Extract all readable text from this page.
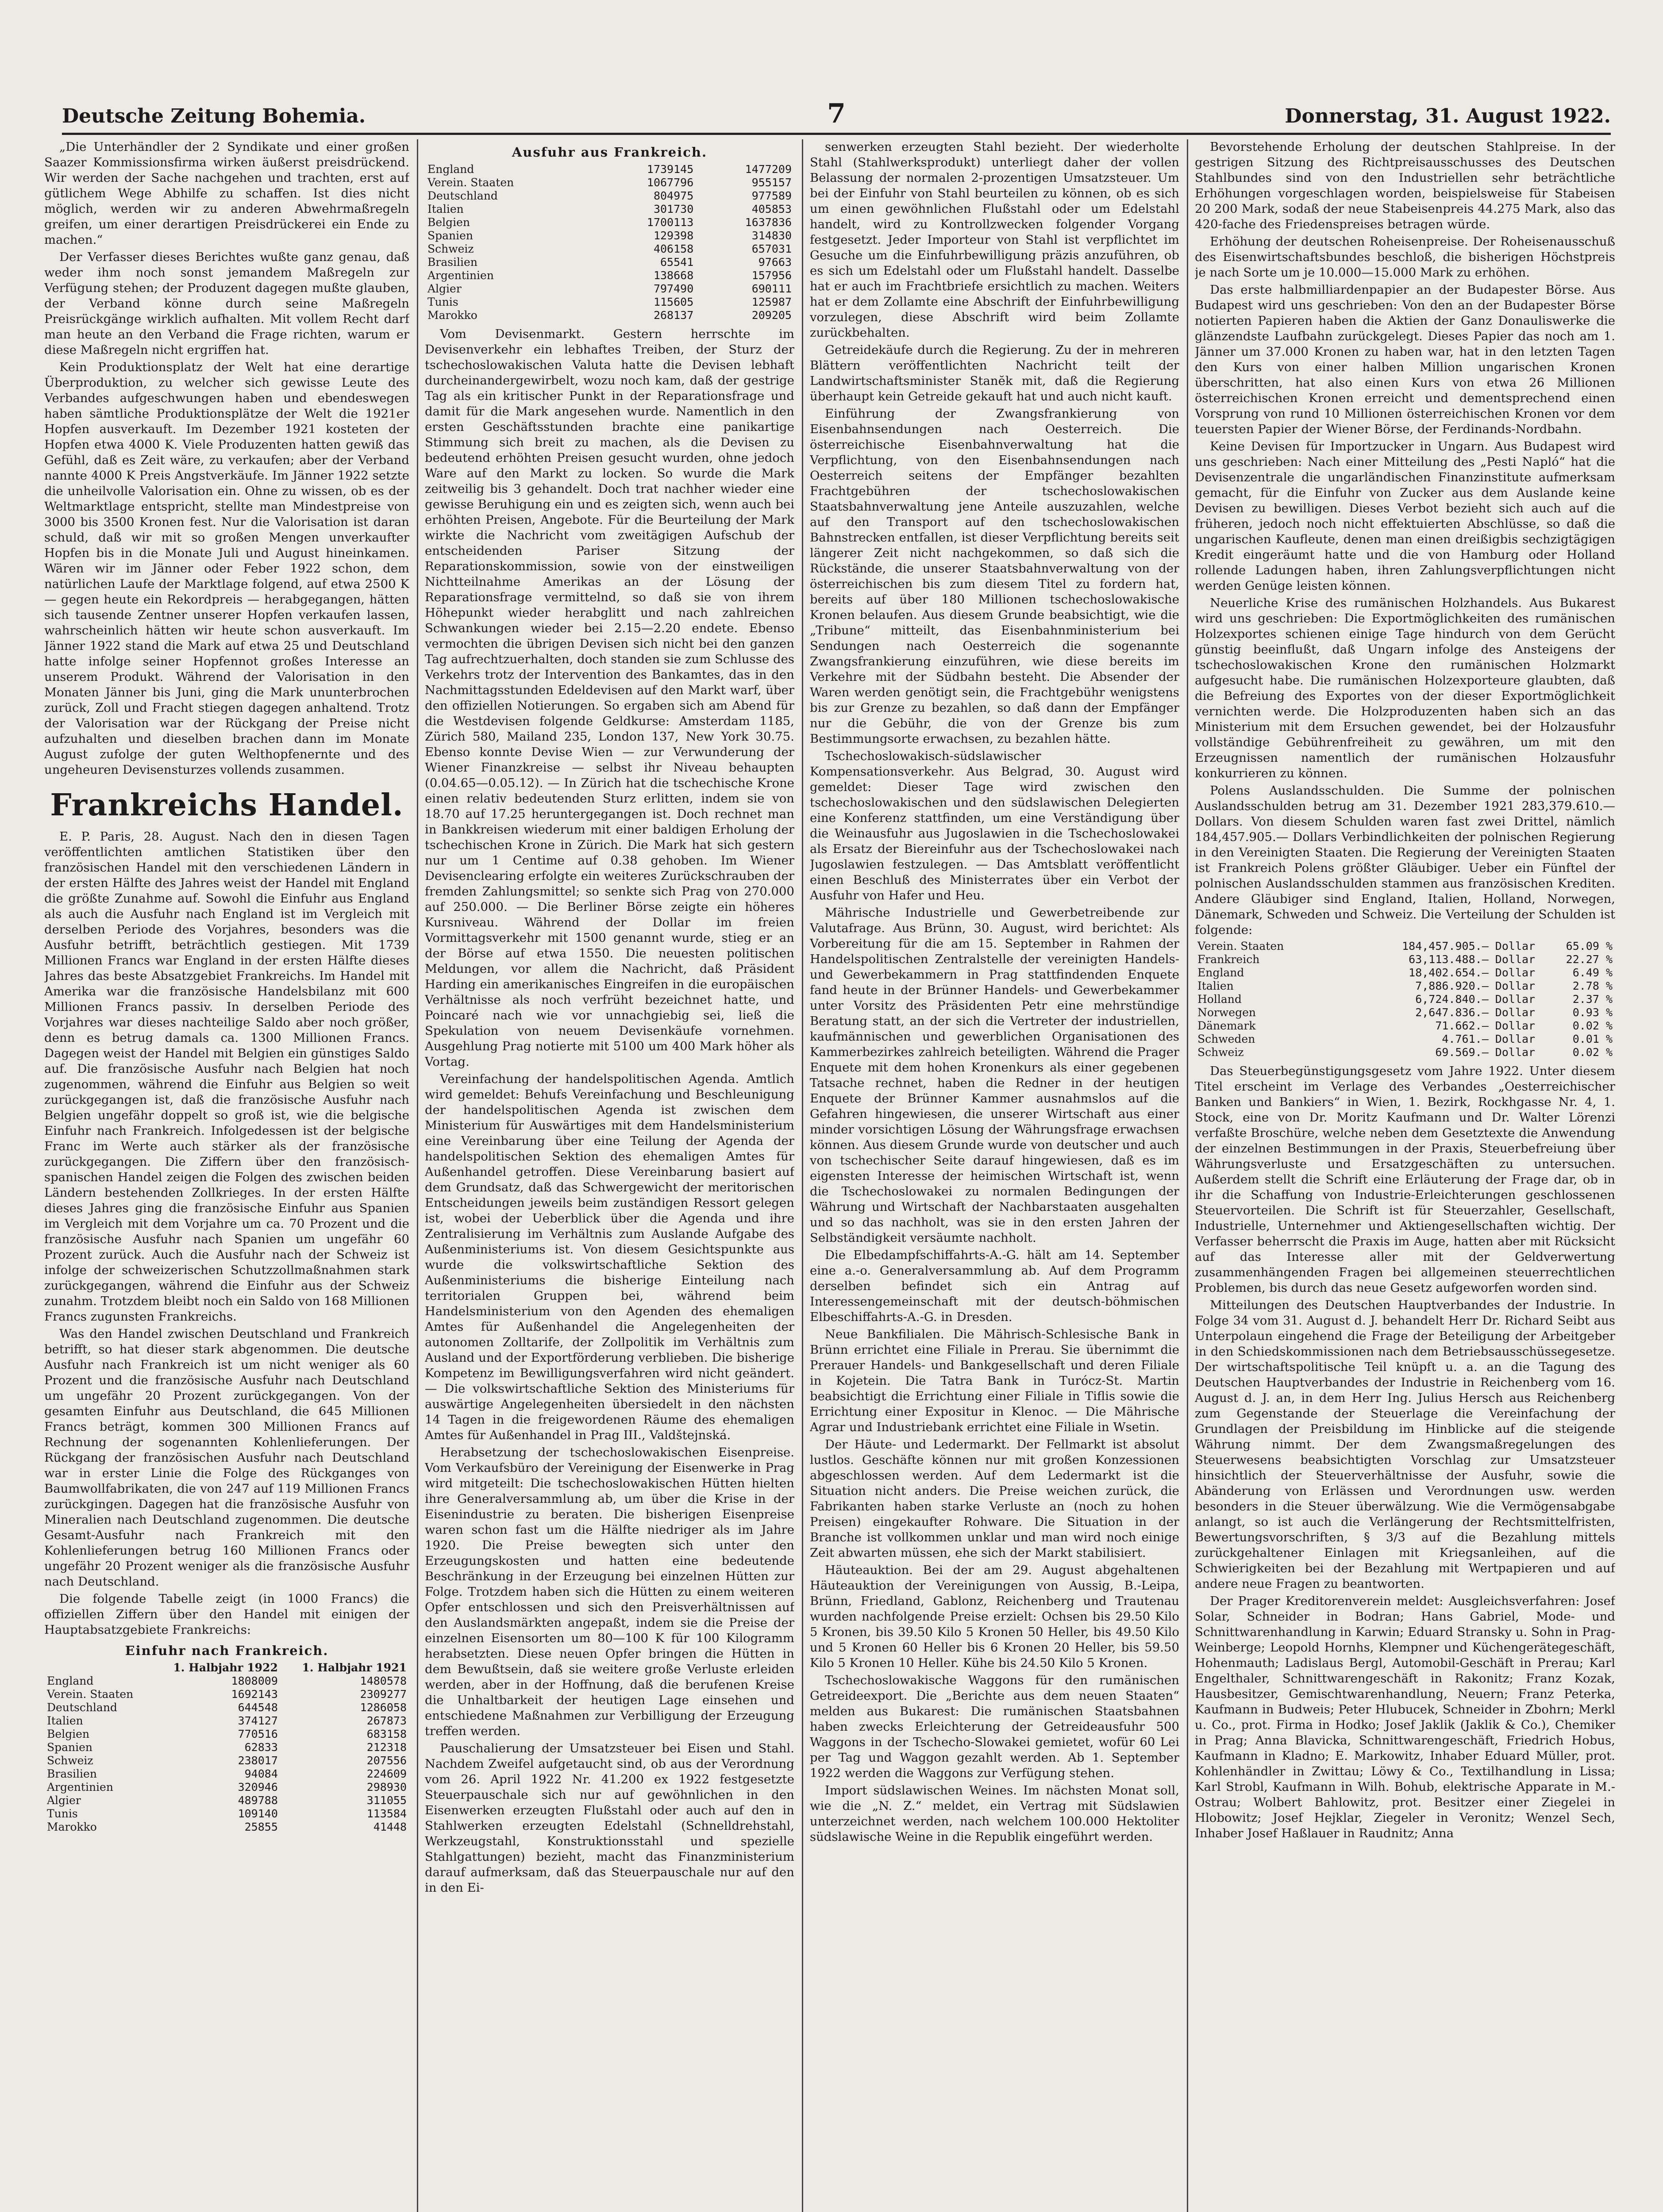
Deutsche Zeitung Bohemia.	7	Donnerstag, 31. August 1922.

„Die Unterhändler der 2 Syndikate und einer großen Saazer Kommissionsfirma wirken äußerst preisdrückend. Wir werden der Sache nachgehen und trachten, erst auf gütlichem Wege Abhilfe zu schaffen. Ist dies nicht möglich, werden wir zu anderen Abwehrmaßregeln greifen, um einer derartigen Preisdrückerei ein Ende zu machen.“

Der Verfasser dieses Berichtes wußte ganz genau, daß weder ihm noch sonst jemandem Maßregeln zur Verfügung stehen; der Produzent dagegen mußte glauben, der Verband könne durch seine Maßregeln Preisrückgänge wirklich aufhalten. Mit vollem Recht darf man heute an den Verband die Frage richten, warum er diese Maßregeln nicht ergriffen hat.

Kein Produktionsplatz der Welt hat eine derartige Überproduktion, zu welcher sich gewisse Leute des Verbandes aufgeschwungen haben und ebendeswegen haben sämtliche Produktionsplätze der Welt die 1921er Hopfen ausverkauft. Im Dezember 1921 kosteten der Hopfen etwa 4000 K. Viele Produzenten hatten gewiß das Gefühl, daß es Zeit wäre, zu verkaufen; aber der Verband nannte 4000 K Preis Angstverkäufe. Im Jänner 1922 setzte die unheilvolle Valorisation ein. Ohne zu wissen, ob es der Weltmarktlage entspricht, stellte man Mindestpreise von 3000 bis 3500 Kronen fest. Nur die Valorisation ist daran schuld, daß wir mit so großen Mengen unverkaufter Hopfen bis in die Monate Juli und August hineinkamen. Wären wir im Jänner oder Feber 1922 schon, dem natürlichen Laufe der Marktlage folgend, auf etwa 2500 K — gegen heute ein Rekordpreis — herabgegangen, hätten sich tausende Zentner unserer Hopfen verkaufen lassen, wahrscheinlich hätten wir heute schon ausverkauft. Im Jänner 1922 stand die Mark auf etwa 25 und Deutschland hatte infolge seiner Hopfennot großes Interesse an unserem Produkt. Während der Valorisation in den Monaten Jänner bis Juni, ging die Mark ununterbrochen zurück, Zoll und Fracht stiegen dagegen anhaltend. Trotz der Valorisation war der Rückgang der Preise nicht aufzuhalten und dieselben brachen dann im Monate August zufolge der guten Welthopfenernte und des ungeheuren Devisensturzes vollends zusammen.

Frankreichs Handel.

E. P. Paris, 28. August. Nach den in diesen Tagen veröffentlichten amtlichen Statistiken über den französischen Handel mit den verschiedenen Ländern in der ersten Hälfte des Jahres weist der Handel mit England die größte Zunahme auf. Sowohl die Einfuhr aus England als auch die Ausfuhr nach England ist im Vergleich mit derselben Periode des Vorjahres, besonders was die Ausfuhr betrifft, beträchtlich gestiegen. Mit 1739 Millionen Francs war England in der ersten Hälfte dieses Jahres das beste Absatzgebiet Frankreichs. Im Handel mit Amerika war die französische Handelsbilanz mit 600 Millionen Francs passiv. In derselben Periode des Vorjahres war dieses nachteilige Saldo aber noch größer, denn es betrug damals ca. 1300 Millionen Francs. Dagegen weist der Handel mit Belgien ein günstiges Saldo auf. Die französische Ausfuhr nach Belgien hat noch zugenommen, während die Einfuhr aus Belgien so weit zurückgegangen ist, daß die französische Ausfuhr nach Belgien ungefähr doppelt so groß ist, wie die belgische Einfuhr nach Frankreich. Infolgedessen ist der belgische Franc im Werte auch stärker als der französische zurückgegangen. Die Ziffern über den französisch-spanischen Handel zeigen die Folgen des zwischen beiden Ländern bestehenden Zollkrieges. In der ersten Hälfte dieses Jahres ging die französische Einfuhr aus Spanien im Vergleich mit dem Vorjahre um ca. 70 Prozent und die französische Ausfuhr nach Spanien um ungefähr 60 Prozent zurück. Auch die Ausfuhr nach der Schweiz ist infolge der schweizerischen Schutzzollmaßnahmen stark zurückgegangen, während die Einfuhr aus der Schweiz zunahm. Trotzdem bleibt noch ein Saldo von 168 Millionen Francs zugunsten Frankreichs.

Was den Handel zwischen Deutschland und Frankreich betrifft, so hat dieser stark abgenommen. Die deutsche Ausfuhr nach Frankreich ist um nicht weniger als 60 Prozent und die französische Ausfuhr nach Deutschland um ungefähr 20 Prozent zurückgegangen. Von der gesamten Einfuhr aus Deutschland, die 645 Millionen Francs beträgt, kommen 300 Millionen Francs auf Rechnung der sogenannten Kohlenlieferungen. Der Rückgang der französischen Ausfuhr nach Deutschland war in erster Linie die Folge des Rückganges von Baumwollfabrikaten, die von 247 auf 119 Millionen Francs zurückgingen. Dagegen hat die französische Ausfuhr von Mineralien nach Deutschland zugenommen. Die deutsche Gesamt-Ausfuhr nach Frankreich mit den Kohlenlieferungen betrug 160 Millionen Francs oder ungefähr 20 Prozent weniger als die französische Ausfuhr nach Deutschland.

Die folgende Tabelle zeigt (in 1000 Francs) die offiziellen Ziffern über den Handel mit einigen der Hauptabsatzgebiete Frankreichs:

Einfuhr nach Frankreich.
	1. Halbjahr 1922	1. Halbjahr 1921
England	1808009	1480578
Verein. Staaten	1692143	2309277
Deutschland	644548	1286058
Italien	374127	267873
Belgien	770516	683158
Spanien	62833	212318
Schweiz	238017	207556
Brasilien	94084	224609
Argentinien	320946	298930
Algier	489788	311055
Tunis	109140	113584
Marokko	25855	41448
Ausfuhr aus Frankreich.
England	1739145	1477209
Verein. Staaten	1067796	955157
Deutschland	804975	977589
Italien	301730	405853
Belgien	1700113	1637836
Spanien	129398	314830
Schweiz	406158	657031
Brasilien	65541	97663
Argentinien	138668	157956
Algier	797490	690111
Tunis	115605	125987
Marokko	268137	209205

Vom Devisenmarkt. Gestern herrschte im Devisenverkehr ein lebhaftes Treiben, der Sturz der tschechoslowakischen Valuta hatte die Devisen lebhaft durcheinandergewirbelt, wozu noch kam, daß der gestrige Tag als ein kritischer Punkt in der Reparationsfrage und damit für die Mark angesehen wurde. Namentlich in den ersten Geschäftsstunden brachte eine panikartige Stimmung sich breit zu machen, als die Devisen zu bedeutend erhöhten Preisen gesucht wurden, ohne jedoch Ware auf den Markt zu locken. So wurde die Mark zeitweilig bis 3 gehandelt. Doch trat nachher wieder eine gewisse Beruhigung ein und es zeigten sich, wenn auch bei erhöhten Preisen, Angebote. Für die Beurteilung der Mark wirkte die Nachricht vom zweitägigen Aufschub der entscheidenden Pariser Sitzung der Reparationskommission, sowie von der einstweiligen Nichtteilnahme Amerikas an der Lösung der Reparationsfrage vermittelnd, so daß sie von ihrem Höhepunkt wieder herabglitt und nach zahlreichen Schwankungen wieder bei 2.15—2.20 endete. Ebenso vermochten die übrigen Devisen sich nicht bei den ganzen Tag aufrechtzuerhalten, doch standen sie zum Schlusse des Verkehrs trotz der Intervention des Bankamtes, das in den Nachmittagsstunden Edeldevisen auf den Markt warf, über den offiziellen Notierungen. So ergaben sich am Abend für die Westdevisen folgende Geldkurse: Amsterdam 1185, Zürich 580, Mailand 235, London 137, New York 30.75. Ebenso konnte Devise Wien — zur Verwunderung der Wiener Finanzkreise — selbst ihr Niveau behaupten (0.04.65—0.05.12). — In Zürich hat die tschechische Krone einen relativ bedeutenden Sturz erlitten, indem sie von 18.70 auf 17.25 heruntergegangen ist. Doch rechnet man in Bankkreisen wiederum mit einer baldigen Erholung der tschechischen Krone in Zürich. Die Mark hat sich gestern nur um 1 Centime auf 0.38 gehoben. Im Wiener Devisenclearing erfolgte ein weiteres Zurückschrauben der fremden Zahlungsmittel; so senkte sich Prag von 270.000 auf 250.000. — Die Berliner Börse zeigte ein höheres Kursniveau. Während der Dollar im freien Vormittagsverkehr mit 1500 genannt wurde, stieg er an der Börse auf etwa 1550. Die neuesten politischen Meldungen, vor allem die Nachricht, daß Präsident Harding ein amerikanisches Eingreifen in die europäischen Verhältnisse als noch verfrüht bezeichnet hatte, und Poincaré nach wie vor unnachgiebig sei, ließ die Spekulation von neuem Devisenkäufe vornehmen. Ausgehlung Prag notierte mit 5100 um 400 Mark höher als Vortag.

Vereinfachung der handelspolitischen Agenda. Amtlich wird gemeldet: Behufs Vereinfachung und Beschleunigung der handelspolitischen Agenda ist zwischen dem Ministerium für Auswärtiges mit dem Handelsministerium eine Vereinbarung über eine Teilung der Agenda der handelspolitischen Sektion des ehemaligen Amtes für Außenhandel getroffen. Diese Vereinbarung basiert auf dem Grundsatz, daß das Schwergewicht der meritorischen Entscheidungen jeweils beim zuständigen Ressort gelegen ist, wobei der Ueberblick über die Agenda und ihre Zentralisierung im Verhältnis zum Auslande Aufgabe des Außenministeriums ist. Von diesem Gesichtspunkte aus wurde die volkswirtschaftliche Sektion des Außenministeriums die bisherige Einteilung nach territorialen Gruppen bei, während beim Handelsministerium von den Agenden des ehemaligen Amtes für Außenhandel die Angelegenheiten der autonomen Zolltarife, der Zollpolitik im Verhältnis zum Ausland und der Exportförderung verblieben. Die bisherige Kompetenz im Bewilligungsverfahren wird nicht geändert. — Die volkswirtschaftliche Sektion des Ministeriums für auswärtige Angelegenheiten übersiedelt in den nächsten 14 Tagen in die freigewordenen Räume des ehemaligen Amtes für Außenhandel in Prag III., Valdštejnská.

Herabsetzung der tschechoslowakischen Eisenpreise. Vom Verkaufsbüro der Vereinigung der Eisenwerke in Prag wird mitgeteilt: Die tschechoslowakischen Hütten hielten ihre Generalversammlung ab, um über die Krise in der Eisenindustrie zu beraten. Die bisherigen Eisenpreise waren schon fast um die Hälfte niedriger als im Jahre 1920. Die Preise bewegten sich unter den Erzeugungskosten und hatten eine bedeutende Beschränkung in der Erzeugung bei einzelnen Hütten zur Folge. Trotzdem haben sich die Hütten zu einem weiteren Opfer entschlossen und sich den Preisverhältnissen auf den Auslandsmärkten angepaßt, indem sie die Preise der einzelnen Eisensorten um 80—100 K für 100 Kilogramm herabsetzten. Diese neuen Opfer bringen die Hütten in dem Bewußtsein, daß sie weitere große Verluste erleiden werden, aber in der Hoffnung, daß die berufenen Kreise die Unhaltbarkeit der heutigen Lage einsehen und entschiedene Maßnahmen zur Verbilligung der Erzeugung treffen werden.

Pauschalierung der Umsatzsteuer bei Eisen und Stahl. Nachdem Zweifel aufgetaucht sind, ob aus der Verordnung vom 26. April 1922 Nr. 41.200 ex 1922 festgesetzte Steuerpauschale sich nur auf gewöhnlichen in den Eisenwerken erzeugten Flußstahl oder auch auf den in Stahlwerken erzeugten Edelstahl (Schnelldrehstahl, Werkzeugstahl, Konstruktionsstahl und spezielle Stahlgattungen) bezieht, macht das Finanzministerium darauf aufmerksam, daß das Steuerpauschale nur auf den in den Ei-

senwerken erzeugten Stahl bezieht. Der wiederholte Stahl (Stahlwerksprodukt) unterliegt daher der vollen Belassung der normalen 2-prozentigen Umsatzsteuer. Um bei der Einfuhr von Stahl beurteilen zu können, ob es sich um einen gewöhnlichen Flußstahl oder um Edelstahl handelt, wird zu Kontrollzwecken folgender Vorgang festgesetzt. Jeder Importeur von Stahl ist verpflichtet im Gesuche um die Einfuhrbewilligung präzis anzuführen, ob es sich um Edelstahl oder um Flußstahl handelt. Dasselbe hat er auch im Frachtbriefe ersichtlich zu machen. Weiters hat er dem Zollamte eine Abschrift der Einfuhrbewilligung vorzulegen, diese Abschrift wird beim Zollamte zurückbehalten.

Getreidekäufe durch die Regierung. Zu der in mehreren Blättern veröffentlichten Nachricht teilt der Landwirtschaftsminister Stanĕk mit, daß die Regierung überhaupt kein Getreide gekauft hat und auch nicht kauft.

Einführung der Zwangsfrankierung von Eisenbahnsendungen nach Oesterreich. Die österreichische Eisenbahnverwaltung hat die Verpflichtung, von den Eisenbahnsendungen nach Oesterreich seitens der Empfänger bezahlten Frachtgebühren der tschechoslowakischen Staatsbahnverwaltung jene Anteile auszuzahlen, welche auf den Transport auf den tschechoslowakischen Bahnstrecken entfallen, ist dieser Verpflichtung bereits seit längerer Zeit nicht nachgekommen, so daß sich die Rückstände, die unserer Staatsbahnverwaltung von der österreichischen bis zum diesem Titel zu fordern hat, bereits auf über 180 Millionen tschechoslowakische Kronen belaufen. Aus diesem Grunde beabsichtigt, wie die „Tribune“ mitteilt, das Eisenbahnministerium bei Sendungen nach Oesterreich die sogenannte Zwangsfrankierung einzuführen, wie diese bereits im Verkehre mit der Südbahn besteht. Die Absender der Waren werden genötigt sein, die Frachtgebühr wenigstens bis zur Grenze zu bezahlen, so daß dann der Empfänger nur die Gebühr, die von der Grenze bis zum Bestimmungsorte erwachsen, zu bezahlen hätte.

Tschechoslowakisch-südslawischer Kompensationsverkehr. Aus Belgrad, 30. August wird gemeldet: Dieser Tage wird zwischen den tschechoslowakischen und den südslawischen Delegierten eine Konferenz stattfinden, um eine Verständigung über die Weinausfuhr aus Jugoslawien in die Tschechoslowakei als Ersatz der Biereinfuhr aus der Tschechoslowakei nach Jugoslawien festzulegen. — Das Amtsblatt veröffentlicht einen Beschluß des Ministerrates über ein Verbot der Ausfuhr von Hafer und Heu.

Mährische Industrielle und Gewerbetreibende zur Valutafrage. Aus Brünn, 30. August, wird berichtet: Als Vorbereitung für die am 15. September in Rahmen der Handelspolitischen Zentralstelle der vereinigten Handels- und Gewerbekammern in Prag stattfindenden Enquete fand heute in der Brünner Handels- und Gewerbekammer unter Vorsitz des Präsidenten Petr eine mehrstündige Beratung statt, an der sich die Vertreter der industriellen, kaufmännischen und gewerblichen Organisationen des Kammerbezirkes zahlreich beteiligten. Während die Prager Enquete mit dem hohen Kronenkurs als einer gegebenen Tatsache rechnet, haben die Redner in der heutigen Enquete der Brünner Kammer ausnahmslos auf die Gefahren hingewiesen, die unserer Wirtschaft aus einer minder vorsichtigen Lösung der Währungsfrage erwachsen können. Aus diesem Grunde wurde von deutscher und auch von tschechischer Seite darauf hingewiesen, daß es im eigensten Interesse der heimischen Wirtschaft ist, wenn die Tschechoslowakei zu normalen Bedingungen der Währung und Wirtschaft der Nachbarstaaten ausgehalten und so das nachholt, was sie in den ersten Jahren der Selbständigkeit versäumte nachholt.

Die Elbedampfschiffahrts-A.-G. hält am 14. September eine a.-o. Generalversammlung ab. Auf dem Programm derselben befindet sich ein Antrag auf Interessengemeinschaft mit der deutsch-böhmischen Elbeschiffahrts-A.-G. in Dresden.

Neue Bankfilialen. Die Mährisch-Schlesische Bank in Brünn errichtet eine Filiale in Prerau. Sie übernimmt die Prerauer Handels- und Bankgesellschaft und deren Filiale in Kojetein. Die Tatra Bank in Turócz-St. Martin beabsichtigt die Errichtung einer Filiale in Tiflis sowie die Errichtung einer Expositur in Klenoc. — Die Mährische Agrar und Industriebank errichtet eine Filiale in Wsetin.

Der Häute- und Ledermarkt. Der Fellmarkt ist absolut lustlos. Geschäfte können nur mit großen Konzessionen abgeschlossen werden. Auf dem Ledermarkt ist die Situation nicht anders. Die Preise weichen zurück, die Fabrikanten haben starke Verluste an (noch zu hohen Preisen) eingekaufter Rohware. Die Situation in der Branche ist vollkommen unklar und man wird noch einige Zeit abwarten müssen, ehe sich der Markt stabilisiert.

Häuteauktion. Bei der am 29. August abgehaltenen Häuteauktion der Vereinigungen von Aussig, B.-Leipa, Brünn, Friedland, Gablonz, Reichenberg und Trautenau wurden nachfolgende Preise erzielt: Ochsen bis 29.50 Kilo 5 Kronen, bis 39.50 Kilo 5 Kronen 50 Heller, bis 49.50 Kilo und 5 Kronen 60 Heller bis 6 Kronen 20 Heller, bis 59.50 Kilo 5 Kronen 10 Heller. Kühe bis 24.50 Kilo 5 Kronen.

Tschechoslowakische Waggons für den rumänischen Getreideexport. Die „Berichte aus dem neuen Staaten“ melden aus Bukarest: Die rumänischen Staatsbahnen haben zwecks Erleichterung der Getreideausfuhr 500 Waggons in der Tschecho-Slowakei gemietet, wofür 60 Lei per Tag und Waggon gezahlt werden. Ab 1. September 1922 werden die Waggons zur Verfügung stehen.

Import südslawischen Weines. Im nächsten Monat soll, wie die „N. Z.“ meldet, ein Vertrag mit Südslawien unterzeichnet werden, nach welchem 100.000 Hektoliter südslawische Weine in die Republik eingeführt werden.

Bevorstehende Erholung der deutschen Stahlpreise. In der gestrigen Sitzung des Richtpreisausschusses des Deutschen Stahlbundes sind von den Industriellen sehr beträchtliche Erhöhungen vorgeschlagen worden, beispielsweise für Stabeisen 20 200 Mark, sodaß der neue Stabeisenpreis 44.275 Mark, also das 420-fache des Friedenspreises betragen würde.

Erhöhung der deutschen Roheisenpreise. Der Roheisenausschuß des Eisenwirtschaftsbundes beschloß, die bisherigen Höchstpreis je nach Sorte um je 10.000—15.000 Mark zu erhöhen.

Das erste halbmilliardenpapier an der Budapester Börse. Aus Budapest wird uns geschrieben: Von den an der Budapester Börse notierten Papieren haben die Aktien der Ganz Donauliswerke die glänzendste Laufbahn zurückgelegt. Dieses Papier das noch am 1. Jänner um 37.000 Kronen zu haben war, hat in den letzten Tagen den Kurs von einer halben Million ungarischen Kronen überschritten, hat also einen Kurs von etwa 26 Millionen österreichischen Kronen erreicht und dementsprechend einen Vorsprung von rund 10 Millionen österreichischen Kronen vor dem teuersten Papier der Wiener Börse, der Ferdinands-Nordbahn.

Keine Devisen für Importzucker in Ungarn. Aus Budapest wird uns geschrieben: Nach einer Mitteilung des „Pesti Napló“ hat die Devisenzentrale die ungarländischen Finanzinstitute aufmerksam gemacht, für die Einfuhr von Zucker aus dem Auslande keine Devisen zu bewilligen. Dieses Verbot bezieht sich auch auf die früheren, jedoch noch nicht effektuierten Abschlüsse, so daß die ungarischen Kaufleute, denen man einen dreißigbis sechzigtägigen Kredit eingeräumt hatte und die von Hamburg oder Holland rollende Ladungen haben, ihren Zahlungsverpflichtungen nicht werden Genüge leisten können.

Neuerliche Krise des rumänischen Holzhandels. Aus Bukarest wird uns geschrieben: Die Exportmöglichkeiten des rumänischen Holzexportes schienen einige Tage hindurch von dem Gerücht günstig beeinflußt, daß Ungarn infolge des Ansteigens der tschechoslowakischen Krone den rumänischen Holzmarkt aufgesucht habe. Die rumänischen Holzexporteure glaubten, daß die Befreiung des Exportes von der dieser Exportmöglichkeit vernichten werde. Die Holzproduzenten haben sich an das Ministerium mit dem Ersuchen gewendet, bei der Holzausfuhr vollständige Gebührenfreiheit zu gewähren, um mit den Erzeugnissen namentlich der rumänischen Holzausfuhr konkurrieren zu können.

Polens Auslandsschulden. Die Summe der polnischen Auslandsschulden betrug am 31. Dezember 1921 283,379.610.— Dollars. Von diesem Schulden waren fast zwei Drittel, nämlich 184,457.905.— Dollars Verbindlichkeiten der polnischen Regierung in den Vereinigten Staaten. Die Regierung der Vereinigten Staaten ist Frankreich Polens größter Gläubiger. Ueber ein Fünftel der polnischen Auslandsschulden stammen aus französischen Krediten. Andere Gläubiger sind England, Italien, Holland, Norwegen, Dänemark, Schweden und Schweiz. Die Verteilung der Schulden ist folgende:

Verein. Staaten	184,457.905.— Dollar	65.09 %
Frankreich	63,113.488.— Dollar	22.27 %
England	18,402.654.— Dollar	6.49 %
Italien	7,886.920.— Dollar	2.78 %
Holland	6,724.840.— Dollar	2.37 %
Norwegen	2,647.836.— Dollar	0.93 %
Dänemark	71.662.— Dollar	0.02 %
Schweden	4.761.— Dollar	0.01 %
Schweiz	69.569.— Dollar	0.02 %

Das Steuerbegünstigungsgesetz vom Jahre 1922. Unter diesem Titel erscheint im Verlage des Verbandes „Oesterreichischer Banken und Bankiers“ in Wien, 1. Bezirk, Rockhgasse Nr. 4, 1. Stock, eine von Dr. Moritz Kaufmann und Dr. Walter Lörenzi verfaßte Broschüre, welche neben dem Gesetztexte die Anwendung der einzelnen Bestimmungen in der Praxis, Steuerbefreiung über Währungsverluste und Ersatzgeschäften zu untersuchen. Außerdem stellt die Schrift eine Erläuterung der Frage dar, ob in ihr die Schaffung von Industrie-Erleichterungen geschlossenen Steuervorteilen. Die Schrift ist für Steuerzahler, Gesellschaft, Industrielle, Unternehmer und Aktiengesellschaften wichtig. Der Verfasser beherrscht die Praxis im Auge, hatten aber mit Rücksicht auf das Interesse aller mit der Geldverwertung zusammenhängenden Fragen bei allgemeinen steuerrechtlichen Problemen, bis durch das neue Gesetz aufgeworfen worden sind.

Mitteilungen des Deutschen Hauptverbandes der Industrie. In Folge 34 vom 31. August d. J. behandelt Herr Dr. Richard Seibt aus Unterpolaun eingehend die Frage der Beteiligung der Arbeitgeber in den Schiedskommissionen nach dem Betriebsausschüssegesetze. Der wirtschaftspolitische Teil knüpft u. a. an die Tagung des Deutschen Hauptverbandes der Industrie in Reichenberg vom 16. August d. J. an, in dem Herr Ing. Julius Hersch aus Reichenberg zum Gegenstande der Steuerlage die Vereinfachung der Grundlagen der Preisbildung im Hinblicke auf die steigende Währung nimmt. Der dem Zwangsmaßregelungen des Steuerwesens beabsichtigten Vorschlag zur Umsatzsteuer hinsichtlich der Steuerverhältnisse der Ausfuhr, sowie die Abänderung von Erlässen und Verordnungen usw. werden besonders in die Steuer überwälzung. Wie die Vermögensabgabe anlangt, so ist auch die Verlängerung der Rechtsmittelfristen, Bewertungsvorschriften, § 3/3 auf die Bezahlung mittels zurückgehaltener Einlagen mit Kriegsanleihen, auf die Schwierigkeiten bei der Bezahlung mit Wertpapieren und auf andere neue Fragen zu beantworten.

Der Prager Kreditorenverein meldet: Ausgleichsverfahren: Josef Solar, Schneider in Bodran; Hans Gabriel, Mode- und Schnittwarenhandlung in Karwin; Eduard Stransky u. Sohn in Prag-Weinberge; Leopold Hornhs, Klempner und Küchengerätegeschäft, Hohenmauth; Ladislaus Bergl, Automobil-Geschäft in Prerau; Karl Engelthaler, Schnittwarengeschäft in Rakonitz; Franz Kozak, Hausbesitzer, Gemischtwarenhandlung, Neuern; Franz Peterka, Kaufmann in Budweis; Peter Hlubucek, Schneider in Zbohrn; Merkl u. Co., prot. Firma in Hodko; Josef Jaklik (Jaklik & Co.), Chemiker in Prag; Anna Blavicka, Schnittwarengeschäft, Friedrich Hobus, Kaufmann in Kladno; E. Markowitz, Inhaber Eduard Müller, prot. Kohlenhändler in Zwittau; Löwy & Co., Textilhandlung in Lissa; Karl Strobl, Kaufmann in Wilh. Bohub, elektrische Apparate in M.-Ostrau; Wolbert Bahlowitz, prot. Besitzer einer Ziegelei in Hlobowitz; Josef Hejklar, Ziegeler in Veronitz; Wenzel Sech, Inhaber Josef Haßlauer in Raudnitz; Anna
